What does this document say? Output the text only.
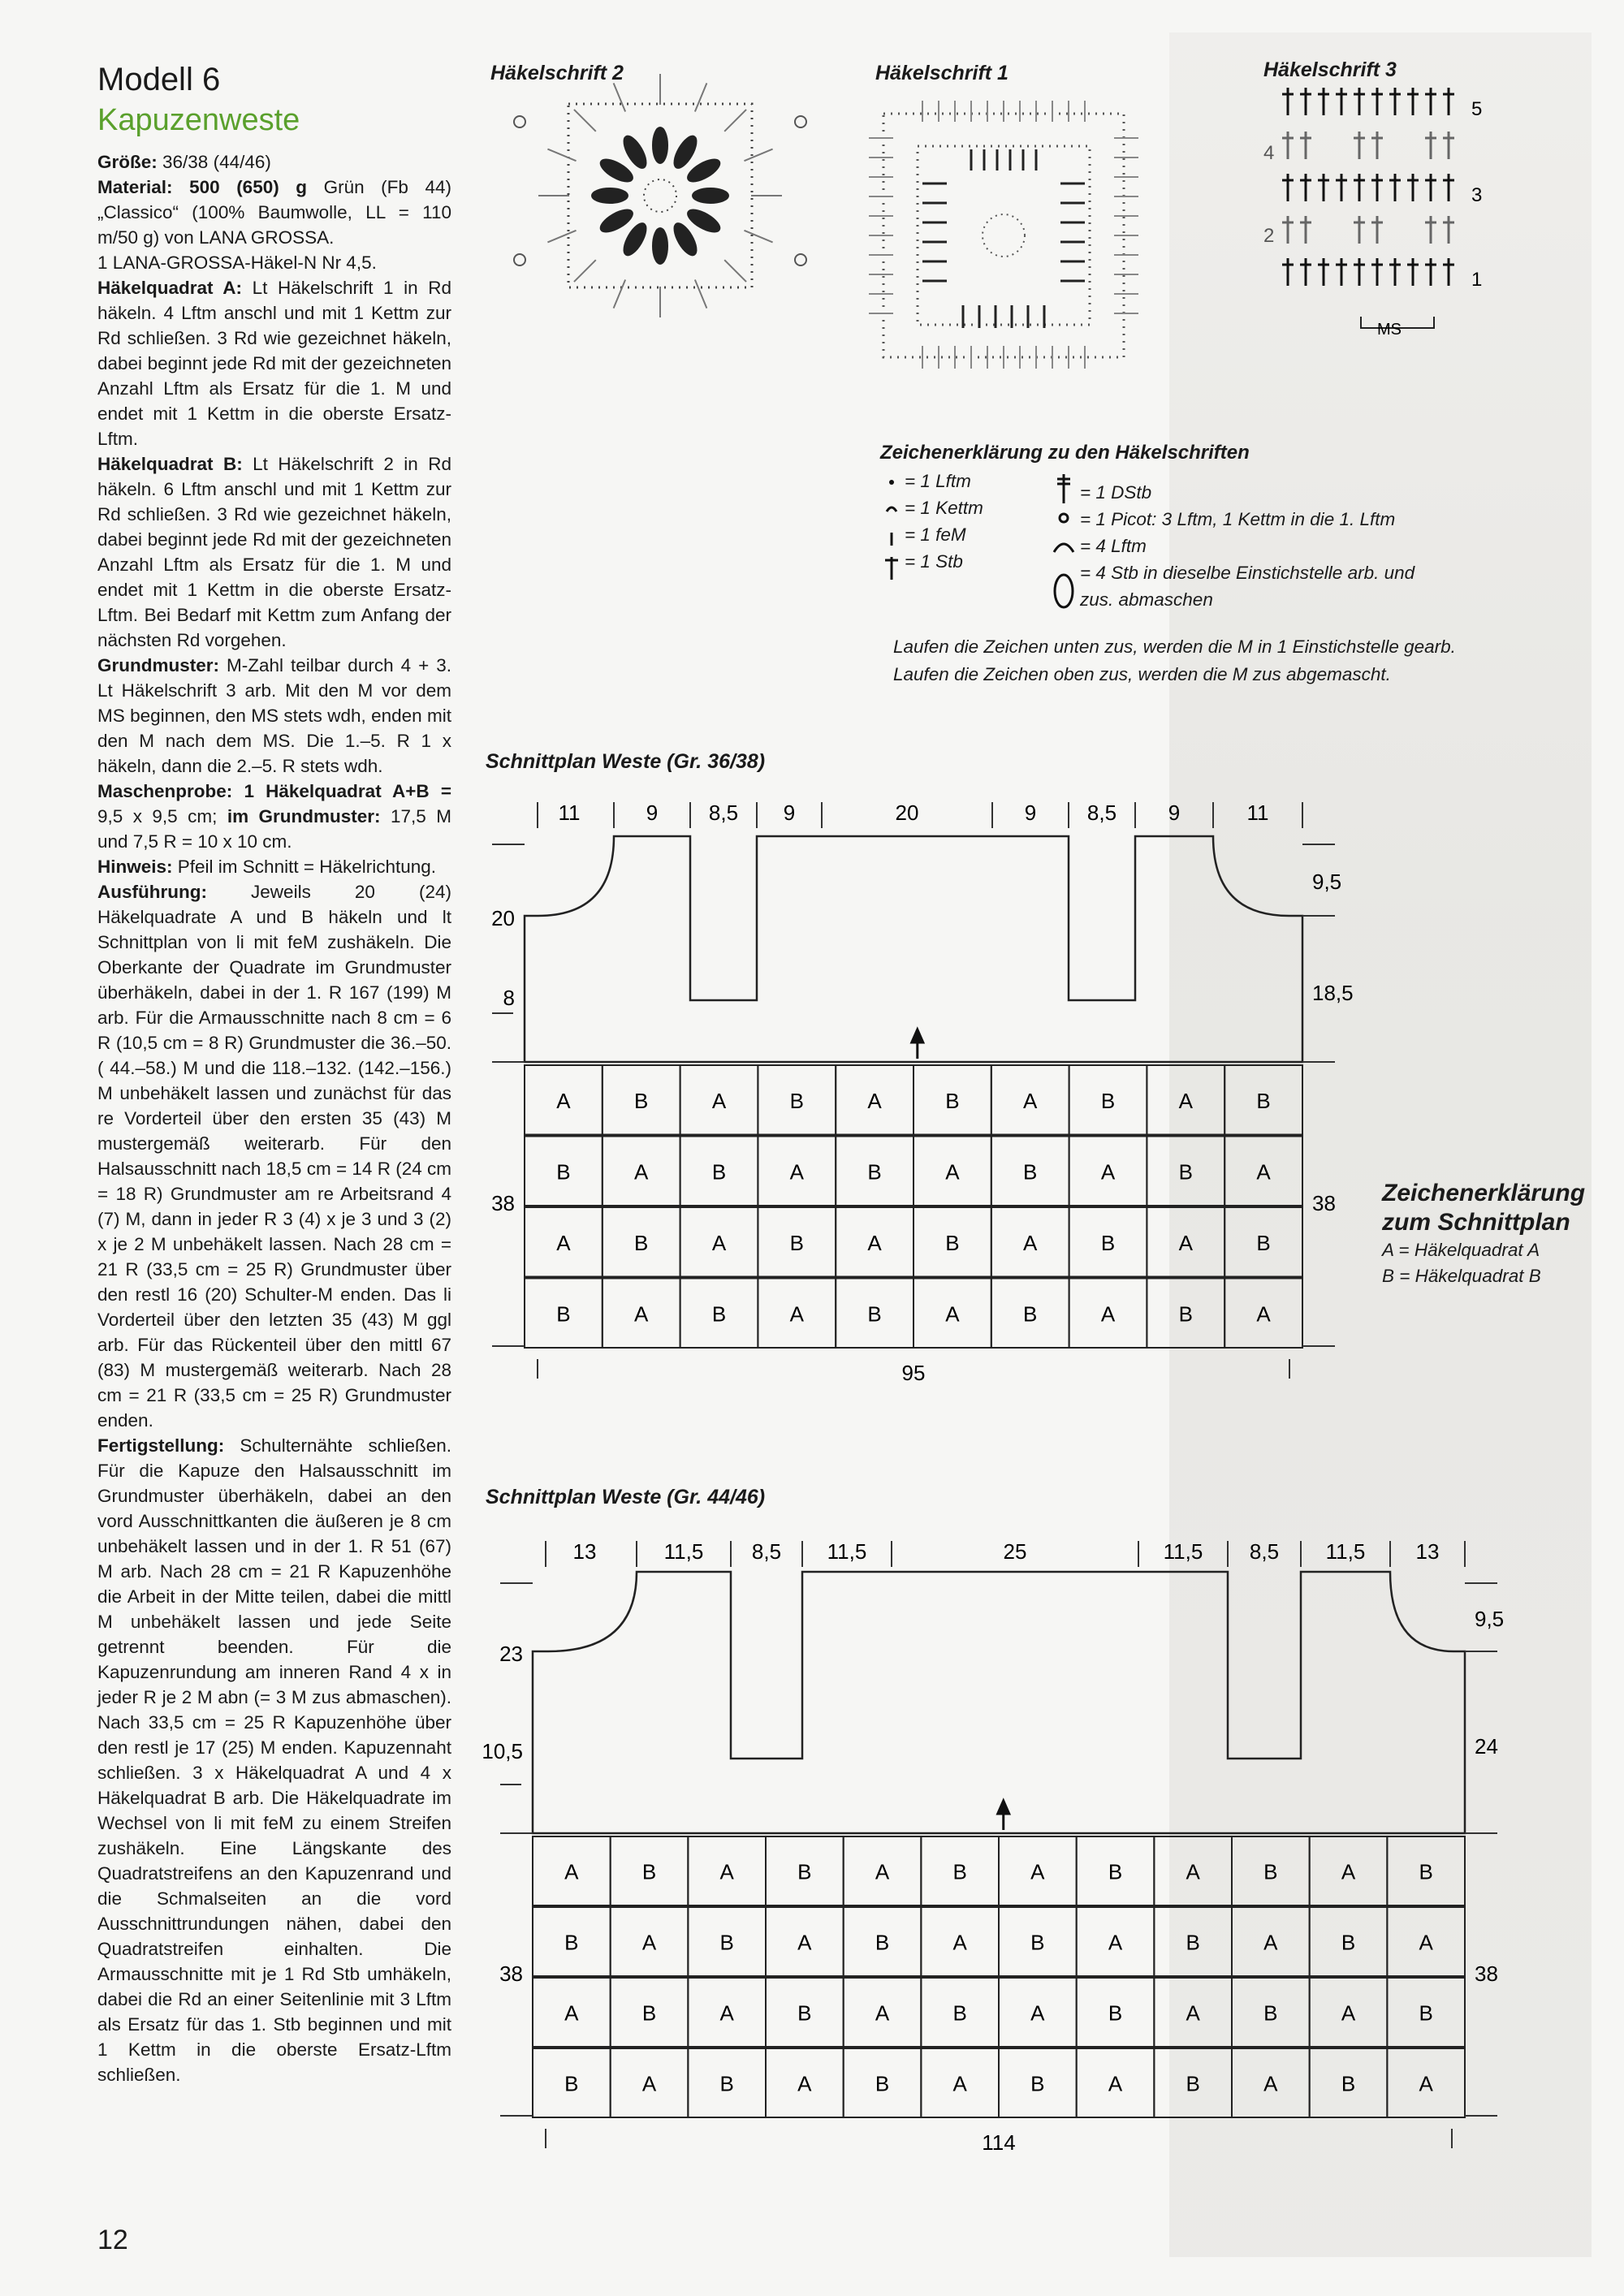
Modell 6
Kapuzenweste

Größe: 36/38 (44/46)

Material: 500 (650) g Grün (Fb 44) „Classico“ (100% Baumwolle, LL = 110 m/50 g) von LANA GROSSA.

1 LANA-GROSSA-Häkel-N Nr 4,5.

Häkelquadrat A: Lt Häkelschrift 1 in Rd häkeln. 4 Lftm anschl und mit 1 Kettm zur Rd schließen. 3 Rd wie gezeichnet häkeln, dabei beginnt jede Rd mit der gezeichneten Anzahl Lftm als Ersatz für die 1. M und endet mit 1 Kettm in die oberste Ersatz-Lftm.

Häkelquadrat B: Lt Häkelschrift 2 in Rd häkeln. 6 Lftm anschl und mit 1 Kettm zur Rd schließen. 3 Rd wie gezeichnet häkeln, dabei beginnt jede Rd mit der gezeichneten Anzahl Lftm als Ersatz für die 1. M und endet mit 1 Kettm in die oberste Ersatz-Lftm. Bei Bedarf mit Kettm zum Anfang der nächsten Rd vorgehen.

Grundmuster: M-Zahl teilbar durch 4 + 3. Lt Häkelschrift 3 arb. Mit den M vor dem MS beginnen, den MS stets wdh, enden mit den M nach dem MS. Die 1.–5. R 1 x häkeln, dann die 2.–5. R stets wdh.

Maschenprobe: 1 Häkelquadrat A+B = 9,5 x 9,5 cm; im Grundmuster: 17,5 M und 7,5 R = 10 x 10 cm.

Hinweis: Pfeil im Schnitt = Häkelrichtung.

Ausführung: Jeweils 20 (24) Häkelquadrate A und B häkeln und lt Schnittplan von li mit feM zushäkeln. Die Oberkante der Quadrate im Grundmuster überhäkeln, dabei in der 1. R 167 (199) M arb. Für die Armausschnitte nach 8 cm = 6 R (10,5 cm = 8 R) Grundmuster die 36.–50. ( 44.–58.) M und die 118.–132. (142.–156.) M unbehäkelt lassen und zunächst für das re Vorderteil über den ersten 35 (43) M mustergemäß weiterarb. Für den Halsausschnitt nach 18,5 cm = 14 R (24 cm = 18 R) Grundmuster am re Arbeitsrand 4 (7) M, dann in jeder R 3 (4) x je 3 und 3 (2) x je 2 M unbehäkelt lassen. Nach 28 cm = 21 R (33,5 cm = 25 R) Grundmuster über den restl 16 (20) Schulter-M enden. Das li Vorderteil über den letzten 35 (43) M ggl arb. Für das Rückenteil über den mittl 67 (83) M mustergemäß weiterarb. Nach 28 cm = 21 R (33,5 cm = 25 R) Grundmuster enden.

Fertigstellung: Schulternähte schließen. Für die Kapuze den Halsausschnitt im Grundmuster überhäkeln, dabei an den vord Ausschnittkanten die äußeren je 8 cm unbehäkelt lassen und in der 1. R 51 (67) M arb. Nach 28 cm = 21 R Kapuzenhöhe die Arbeit in der Mitte teilen, dabei die mittl M unbehäkelt lassen und jede Seite getrennt beenden. Für die Kapuzenrundung am inneren Rand 4 x in jeder R je 2 M abn (= 3 M zus abmaschen). Nach 33,5 cm = 25 R Kapuzenhöhe über den restl je 17 (25) M enden. Kapuzennaht schließen. 3 x Häkelquadrat A und 4 x Häkelquadrat B arb. Die Häkelquadrate im Wechsel von li mit feM zu einem Streifen zushäkeln. Eine Längskante des Quadratstreifens an den Kapuzenrand und die Schmalseiten an die vord Ausschnittrundungen nähen, dabei den Quadratstreifen einhalten. Die Armausschnitte mit je 1 Rd Stb umhäkeln, dabei die Rd an einer Seitenlinie mit 3 Lftm als Ersatz für das 1. Stb beginnen und mit 1 Kettm in die oberste Ersatz-Lftm schließen.

12
Häkelschrift 2	Häkelschrift 1	Häkelschrift 3
5
4
3
2
1
MS
Zeichenerklärung zu den Häkelschriften
= 1 Lftm
= 1 Kettm
= 1 feM
= 1 Stb
= 1 DStb
= 1 Picot: 3 Lftm, 1 Kettm in die 1. Lftm
= 4 Lftm
= 4 Stb in dieselbe Einstichstelle arb. und
zus. abmaschen
Laufen die Zeichen unten zus, werden die M in 1 Einstichstelle gearb.
Laufen die Zeichen oben zus, werden die M zus abgemascht.
Schnittplan Weste (Gr. 36/38)
Schnittplan Weste (Gr. 44/46)
A	B	A	B	A	B	A	B	A	B
B	A	B	A	B	A	B	A	B	A
A	B	A	B	A	B	A	B	A	B
B	A	B	A	B	A	B	A	B	A
11	9 8,5 9	20	9 8,5 9	11
20
8
38
9,5
18,5
38
95
A	B	A	B	A	B	A	B	A	B	A	B
B	A	B	A	B	A	B	A	B	A	B	A
A	B	A	B	A	B	A	B	A	B	A	B
B	A	B	A	B	A	B	A	B	A	B	A
13	11,5 8,5 11,5	25	11,5 8,5 11,5 13
23
10,5
38
9,5
24
38
114
Zeichenerklärung
zum Schnittplan
A = Häkelquadrat A
B = Häkelquadrat B
